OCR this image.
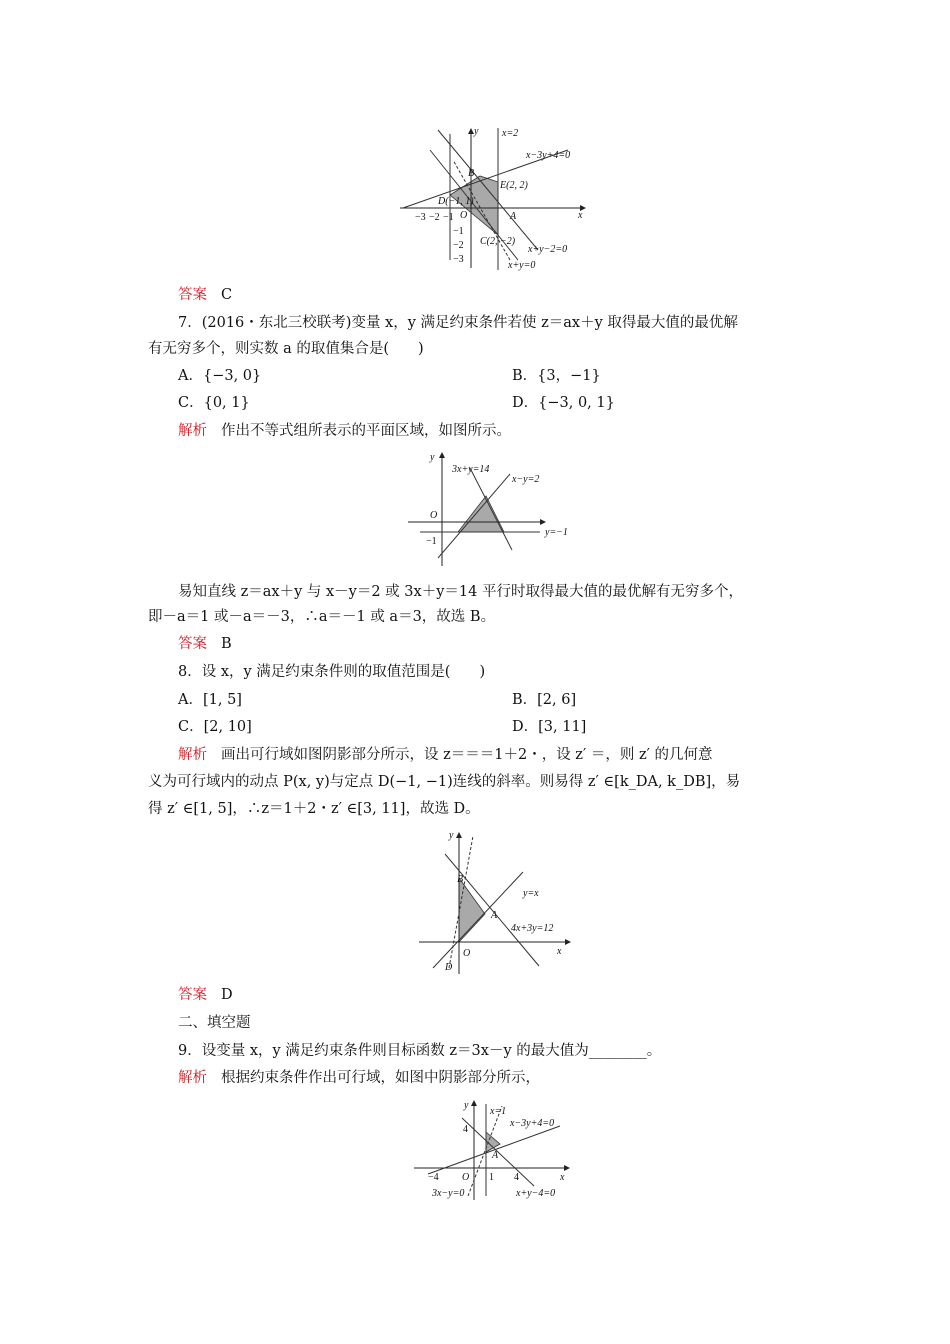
x=2
x−3y+4=0
B
E(2, 2)
D(−1, 1)
O	A
C(2, −2)
x+y−2=0
x+y=0
x
y
−3 −2 −1
−1
−2
−3
答案 C
7．(2016・东北三校联考)变量 x，y 满足约束条件若使 z＝ax＋y 取得最大值的最优解
有无穷多个，则实数 a 的取值集合是(　　)
A．{−3, 0}	B．{3，−1}
C．{0, 1}	D．{−3, 0, 1}
解析 作出不等式组所表示的平面区域，如图所示。
y
3x+y=14
x−y=2
O
−1
y=−1
易知直线 z＝ax＋y 与 x－y＝2 或 3x＋y＝14 平行时取得最大值的最优解有无穷多个，
即－a＝1 或－a＝－3，∴a＝－1 或 a＝3，故选 B。
答案 B
8．设 x，y 满足约束条件则的取值范围是(　　)
A．[1, 5]	B．[2, 6]
C．[2, 10]	D．[3, 11]
解析 画出可行域如图阴影部分所示，设 z＝＝＝1＋2・，设 z′ ＝，则 z′ 的几何意
义为可行域内的动点 P(x, y)与定点 D(−1, −1)连线的斜率。则易得 z′ ∈[k_DA, k_DB]，易
得 z′ ∈[1, 5]，∴z＝1＋2・z′ ∈[3, 11]，故选 D。
y
B
y=x
A
4x+3y=12
O
D
x
答案 D
二、填空题
9．设变量 x，y 满足约束条件则目标函数 z＝3x－y 的最大值为________。
解析 根据约束条件作出可行域，如图中阴影部分所示，
y
x=1
x−3y+4=0
4
A
−4 O 1 4	x
3x−y=0	x+y−4=0
